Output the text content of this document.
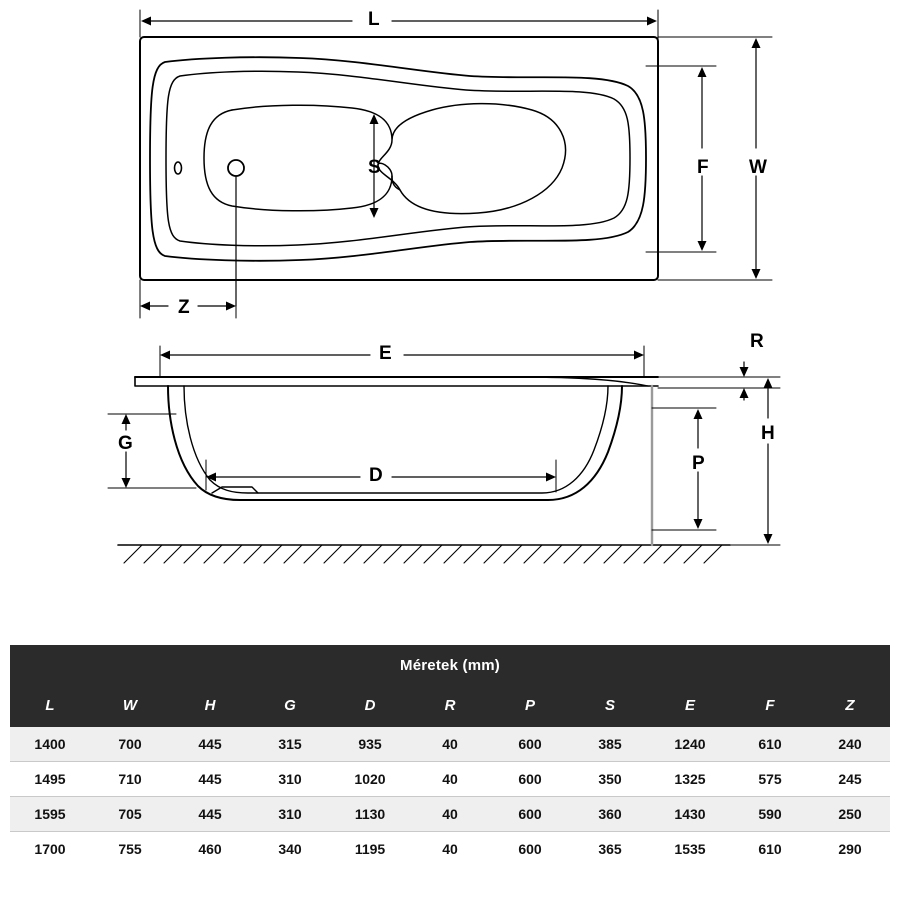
L
W
F
S
Z
E
R
H
P
G
D
Méretek (mm)
L	W	H	G	D	R	P	S	E	F	Z
1400	700	445	315	935	40	600	385	1240	610	240
1495	710	445	310	1020	40	600	350	1325	575	245
1595	705	445	310	1130	40	600	360	1430	590	250
1700	755	460	340	1195	40	600	365	1535	610	290
